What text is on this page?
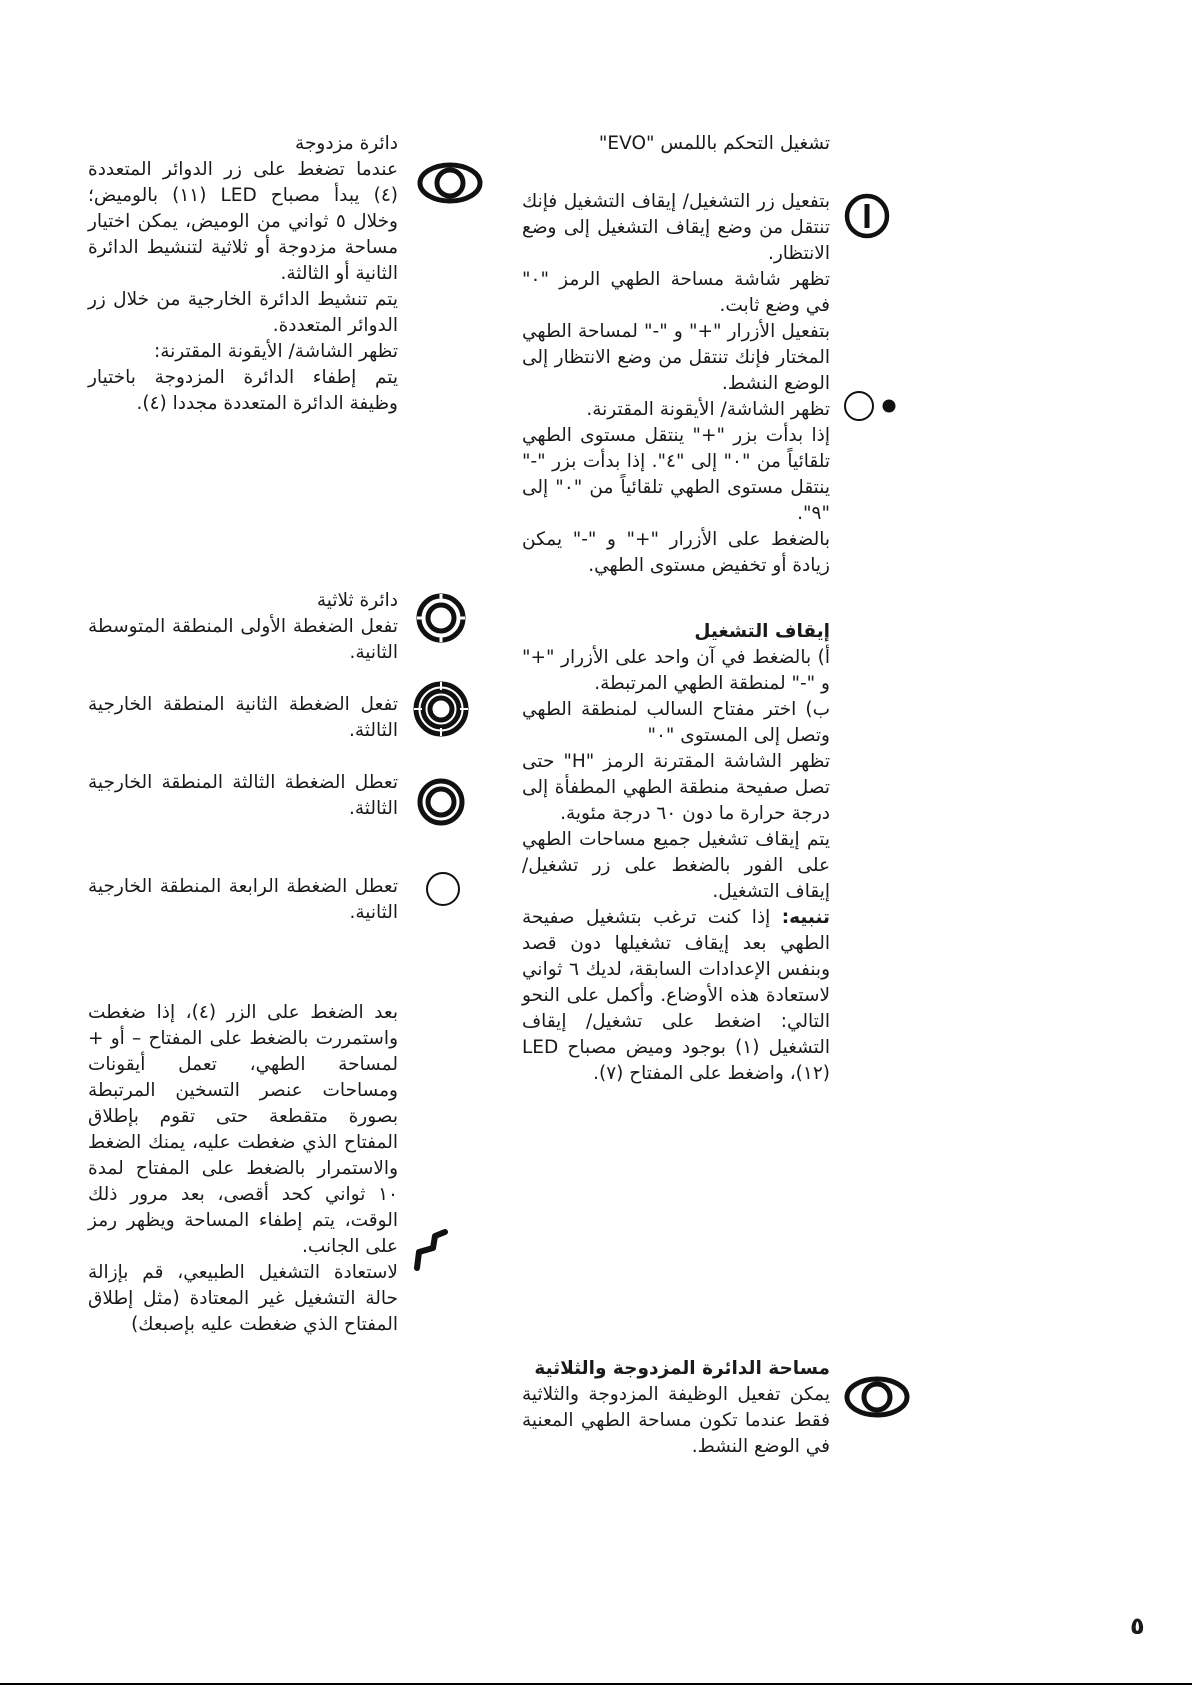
تشغيل التحكم باللمس "EVO"

بتفعيل زر التشغيل/ إيقاف التشغيل فإنك تنتقل من وضع إيقاف التشغيل إلى وضع الانتظار.

تظهر شاشة مساحة الطهي الرمز "٠" في وضع ثابت.

بتفعيل الأزرار "+" و "-" لمساحة الطهي المختار فإنك تنتقل من وضع الانتظار إلى الوضع النشط.

تظهر الشاشة/ الأيقونة المقترنة.

إذا بدأت بزر "+" ينتقل مستوى الطهي تلقائياً من "٠" إلى "٤". إذا بدأت بزر "-" ينتقل مستوى الطهي تلقائياً من "٠" إلى "٩".

بالضغط على الأزرار "+" و "-" يمكن زيادة أو تخفيض مستوى الطهي.

إيقاف التشغيل

أ) بالضغط في آن واحد على الأزرار "+" و "-" لمنطقة الطهي المرتبطة.

ب) اختر مفتاح السالب لمنطقة الطهي وتصل إلى المستوى "٠"

تظهر الشاشة المقترنة الرمز "H" حتى تصل صفيحة منطقة الطهي المطفأة إلى درجة حرارة ما دون ٦٠ درجة مئوية.

يتم إيقاف تشغيل جميع مساحات الطهي على الفور بالضغط على زر تشغيل/ إيقاف التشغيل.

تنبيه: إذا كنت ترغب بتشغيل صفيحة الطهي بعد إيقاف تشغيلها دون قصد وبنفس الإعدادات السابقة، لديك ٦ ثواني لاستعادة هذه الأوضاع. وأكمل على النحو التالي: اضغط على تشغيل/ إيقاف التشغيل (١) بوجود وميض مصباح LED (١٢)، واضغط على المفتاح (٧).

مساحة الدائرة المزدوجة والثلاثية

يمكن تفعيل الوظيفة المزدوجة والثلاثية فقط عندما تكون مساحة الطهي المعنية في الوضع النشط.

دائرة مزدوجة

عندما تضغط على زر الدوائر المتعددة (٤) يبدأ مصباح LED (١١) بالوميض؛ وخلال ٥ ثواني من الوميض، يمكن اختيار مساحة مزدوجة أو ثلاثية لتنشيط الدائرة الثانية أو الثالثة.

يتم تنشيط الدائرة الخارجية من خلال زر الدوائر المتعددة.

تظهر الشاشة/ الأيقونة المقترنة:

يتم إطفاء الدائرة المزدوجة باختيار وظيفة الدائرة المتعددة مجددا (٤).

دائرة ثلاثية

تفعل الضغطة الأولى المنطقة المتوسطة الثانية.

تفعل الضغطة الثانية المنطقة الخارجية الثالثة.

تعطل الضغطة الثالثة المنطقة الخارجية الثالثة.

تعطل الضغطة الرابعة المنطقة الخارجية الثانية.

بعد الضغط على الزر (٤)، إذا ضغطت واستمررت بالضغط على المفتاح – أو + لمساحة الطهي، تعمل أيقونات ومساحات عنصر التسخين المرتبطة بصورة متقطعة حتى تقوم بإطلاق المفتاح الذي ضغطت عليه، يمنك الضغط والاستمرار بالضغط على المفتاح لمدة ١٠ ثواني كحد أقصى، بعد مرور ذلك الوقت، يتم إطفاء المساحة ويظهر رمز على الجانب.

لاستعادة التشغيل الطبيعي، قم بإزالة حالة التشغيل غير المعتادة (مثل إطلاق المفتاح الذي ضغطت عليه بإصبعك)

٥
